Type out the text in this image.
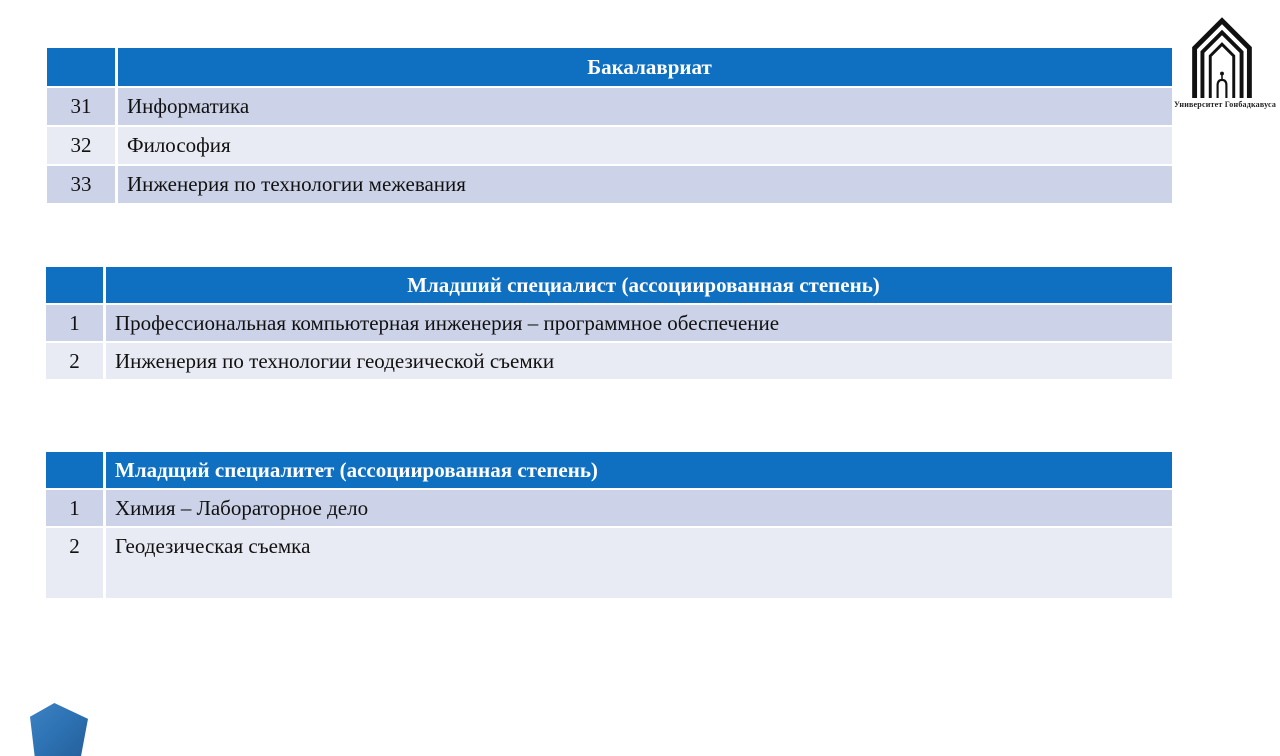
Бакалавриат
31	Информатика
32	Философия
33	Инженерия по технологии межевания
Младший специалист (ассоциированная степень)
1	Профессиональная компьютерная инженерия – программное обеспечение
2	Инженерия по технологии геодезической съемки
Младщий специалитет (ассоциированная степень)
1	Химия – Лабораторное дело
2	Геодезическая съемка
Университет Гонбадкавуса
